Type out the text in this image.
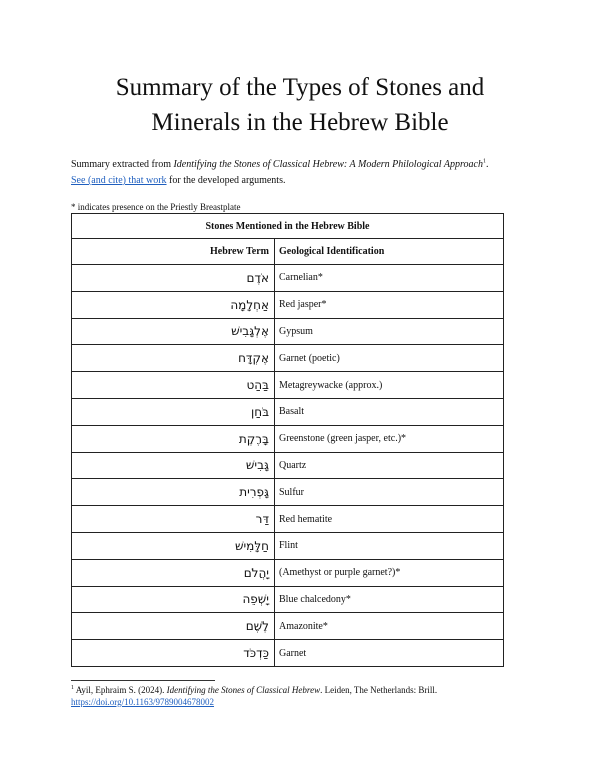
Summary of the Types of Stones and
Minerals in the Hebrew Bible
Summary extracted from Identifying the Stones of Classical Hebrew: A Modern Philological Approach$^1$.
See (and cite) that work for the developed arguments.
* indicates presence on the Priestly Breastplate
Stones Mentioned in the Hebrew Bible	
Hebrew Term	Geological Identification
אֹדֶם	Carnelian*
אַחְלָמָה	Red jasper*
אֶלְגָּבִישׁ	Gypsum
אֶקְדָּח	Garnet (poetic)
בַּהַט	Metagreywacke (approx.)
בֹּחַן	Basalt
בָּרֶקֶת	Greenstone (green jasper, etc.)*
גָּבִישׁ	Quartz
גָּפְרִית	Sulfur
דַּר	Red hematite
חַלָּמִישׁ	Flint
יָהֲלֹם	(Amethyst or purple garnet?)*
יָשְׁפֵה	Blue chalcedony*
לֶשֶׁם	Amazonite*
כַּדְכֹּד	Garnet
$^1$ Ayil, Ephraim S. (2024). Identifying the Stones of Classical Hebrew. Leiden, The Netherlands: Brill.
https://doi.org/10.1163/9789004678002
